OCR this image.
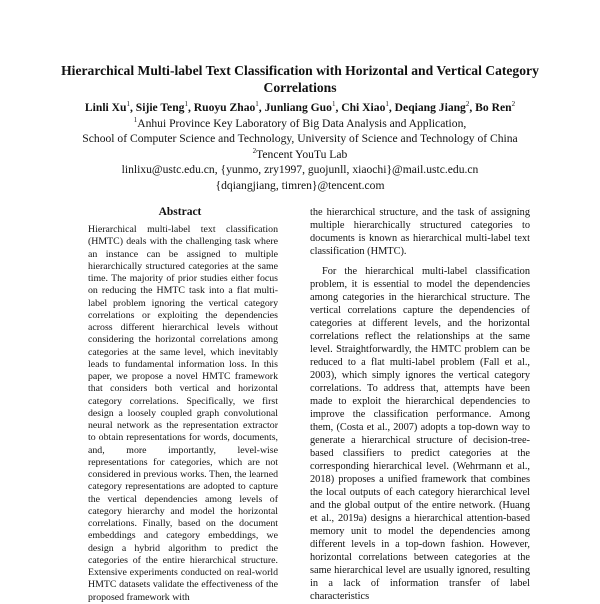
Hierarchical Multi-label Text Classification with Horizontal and Vertical Category Correlations
Linli Xu$^1$, Sijie Teng$^1$, Ruoyu Zhao$^1$, Junliang Guo$^1$, Chi Xiao$^1$, Deqiang Jiang$^2$, Bo Ren$^2$
$^1$Anhui Province Key Laboratory of Big Data Analysis and Application,
School of Computer Science and Technology, University of Science and Technology of China
$^2$Tencent YouTu Lab
linlixu@ustc.edu.cn, {yunmo, zry1997, guojunll, xiaochi}@mail.ustc.edu.cn
{dqiangjiang, timren}@tencent.com
Abstract
Hierarchical multi-label text classification (HMTC) deals with the challenging task where an instance can be assigned to multiple hierarchically structured categories at the same time. The majority of prior studies either focus on reducing the HMTC task into a flat multi-label problem ignoring the vertical category correlations or exploiting the dependencies across different hierarchical levels without considering the horizontal correlations among categories at the same level, which inevitably leads to fundamental information loss. In this paper, we propose a novel HMTC framework that considers both vertical and horizontal category correlations. Specifically, we first design a loosely coupled graph convolutional neural network as the representation extractor to obtain representations for words, documents, and, more importantly, level-wise representations for categories, which are not considered in previous works. Then, the learned category representations are adopted to capture the vertical dependencies among levels of category hierarchy and model the horizontal correlations. Finally, based on the document embeddings and category embeddings, we design a hybrid algorithm to predict the categories of the entire hierarchical structure. Extensive experiments conducted on real-world HMTC datasets validate the effectiveness of the proposed framework with

the hierarchical structure, and the task of assigning multiple hierarchically structured categories to documents is known as hierarchical multi-label text classification (HMTC).

For the hierarchical multi-label classification problem, it is essential to model the dependencies among categories in the hierarchical structure. The vertical correlations capture the dependencies of categories at different levels, and the horizontal correlations reflect the relationships at the same level. Straightforwardly, the HMTC problem can be reduced to a flat multi-label problem (Fall et al., 2003), which simply ignores the vertical category correlations. To address that, attempts have been made to exploit the hierarchical dependencies to improve the classification performance. Among them, (Costa et al., 2007) adopts a top-down way to generate a hierarchical structure of decision-tree-based classifiers to predict categories at the corresponding hierarchical level. (Wehrmann et al., 2018) proposes a unified framework that combines the local outputs of each category hierarchical level and the global output of the entire network. (Huang et al., 2019a) designs a hierarchical attention-based memory unit to model the dependencies among different levels in a top-down fashion. However, horizontal correlations between categories at the same hierarchical level are usually ignored, resulting in a lack of information transfer of label characteristics
